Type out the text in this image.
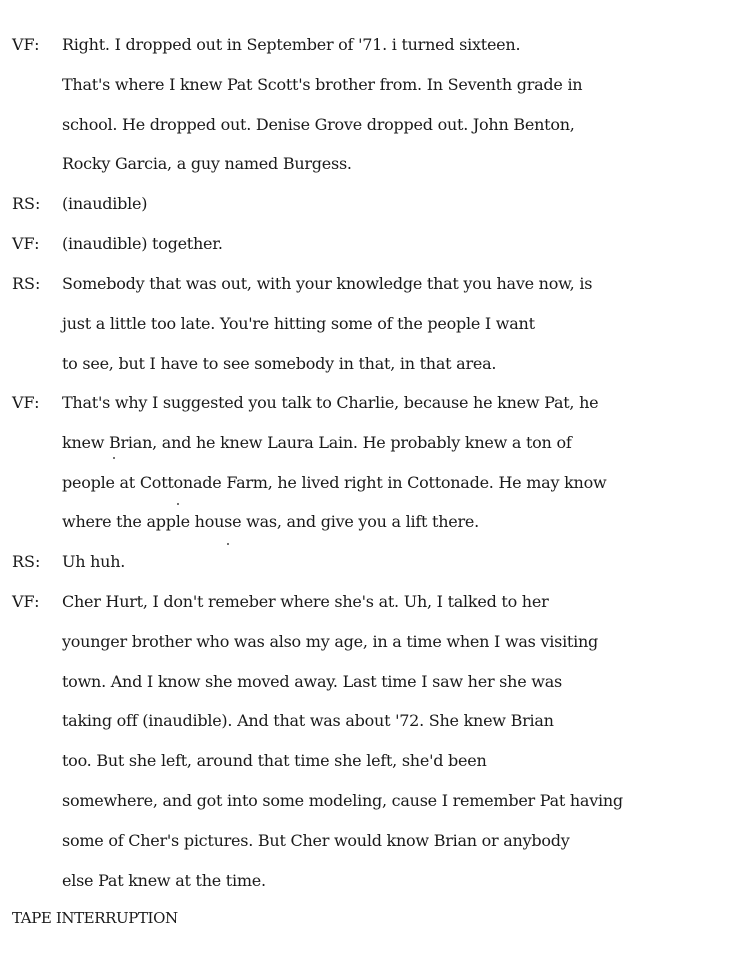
VF: Right. I dropped out in September of '71. i turned sixteen.
That's where I knew Pat Scott's brother from. In Seventh grade in
school. He dropped out. Denise Grove dropped out. John Benton,
Rocky Garcia, a guy named Burgess.
RS: (inaudible)
VF: (inaudible) together.
RS: Somebody that was out, with your knowledge that you have now, is
just a little too late. You're hitting some of the people I want
to see, but I have to see somebody in that, in that area.
VF: That's why I suggested you talk to Charlie, because he knew Pat, he
knew Brian, and he knew Laura Lain. He probably knew a ton of
people at Cottonade Farm, he lived right in Cottonade. He may know
where the apple house was, and give you a lift there.
RS: Uh huh.
VF: Cher Hurt, I don't remeber where she's at. Uh, I talked to her
younger brother who was also my age, in a time when I was visiting
town. And I know she moved away. Last time I saw her she was
taking off (inaudible). And that was about '72. She knew Brian
too. But she left, around that time she left, she'd been
somewhere, and got into some modeling, cause I remember Pat having
some of Cher's pictures. But Cher would know Brian or anybody
else Pat knew at the time.
TAPE INTERRUPTION
